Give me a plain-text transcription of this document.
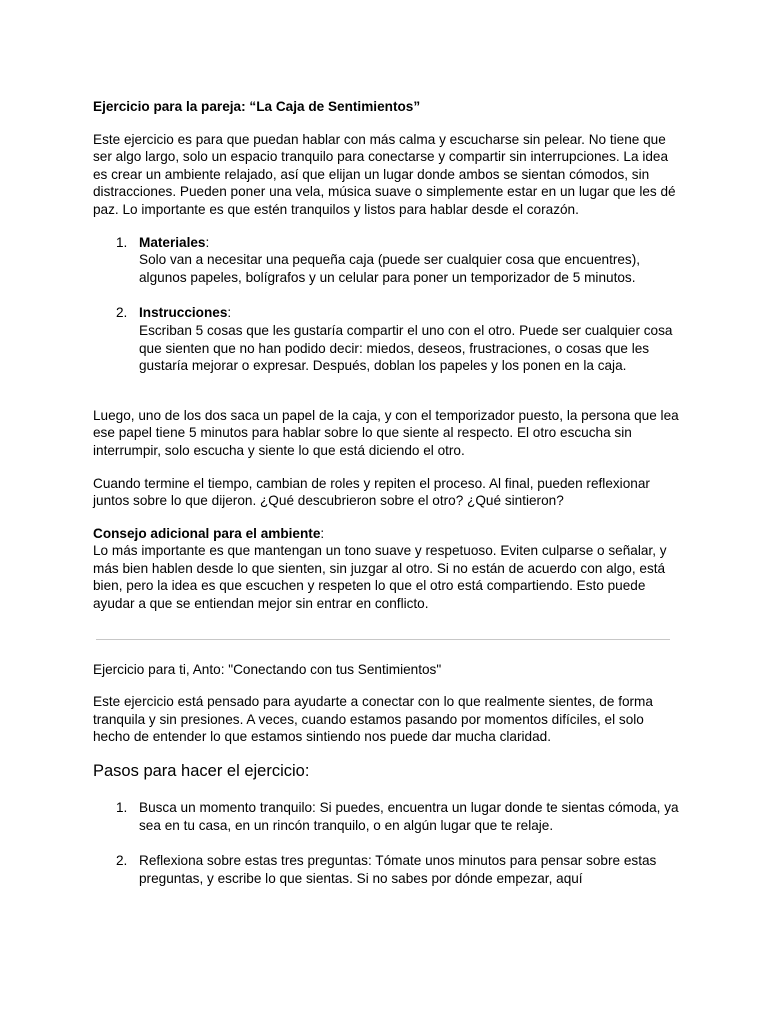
Ejercicio para la pareja: “La Caja de Sentimientos”

Este ejercicio es para que puedan hablar con más calma y escucharse sin pelear. No tiene que ser algo largo, solo un espacio tranquilo para conectarse y compartir sin interrupciones. La idea es crear un ambiente relajado, así que elijan un lugar donde ambos se sientan cómodos, sin distracciones. Pueden poner una vela, música suave o simplemente estar en un lugar que les dé paz. Lo importante es que estén tranquilos y listos para hablar desde el corazón.

1. Materiales:
Solo van a necesitar una pequeña caja (puede ser cualquier cosa que encuentres), algunos papeles, bolígrafos y un celular para poner un temporizador de 5 minutos.
2. Instrucciones:
Escriban 5 cosas que les gustaría compartir el uno con el otro. Puede ser cualquier cosa que sienten que no han podido decir: miedos, deseos, frustraciones, o cosas que les gustaría mejorar o expresar. Después, doblan los papeles y los ponen en la caja.

Luego, uno de los dos saca un papel de la caja, y con el temporizador puesto, la persona que lea ese papel tiene 5 minutos para hablar sobre lo que siente al respecto. El otro escucha sin interrumpir, solo escucha y siente lo que está diciendo el otro.

Cuando termine el tiempo, cambian de roles y repiten el proceso. Al final, pueden reflexionar juntos sobre lo que dijeron. ¿Qué descubrieron sobre el otro? ¿Qué sintieron?

Consejo adicional para el ambiente:
Lo más importante es que mantengan un tono suave y respetuoso. Eviten culparse o señalar, y más bien hablen desde lo que sienten, sin juzgar al otro. Si no están de acuerdo con algo, está bien, pero la idea es que escuchen y respeten lo que el otro está compartiendo. Esto puede ayudar a que se entiendan mejor sin entrar en conflicto.

Ejercicio para ti, Anto: "Conectando con tus Sentimientos"

Este ejercicio está pensado para ayudarte a conectar con lo que realmente sientes, de forma tranquila y sin presiones. A veces, cuando estamos pasando por momentos difíciles, el solo hecho de entender lo que estamos sintiendo nos puede dar mucha claridad.

Pasos para hacer el ejercicio:

1. Busca un momento tranquilo: Si puedes, encuentra un lugar donde te sientas cómoda, ya sea en tu casa, en un rincón tranquilo, o en algún lugar que te relaje.
2. Reflexiona sobre estas tres preguntas: Tómate unos minutos para pensar sobre estas preguntas, y escribe lo que sientas. Si no sabes por dónde empezar, aquí
